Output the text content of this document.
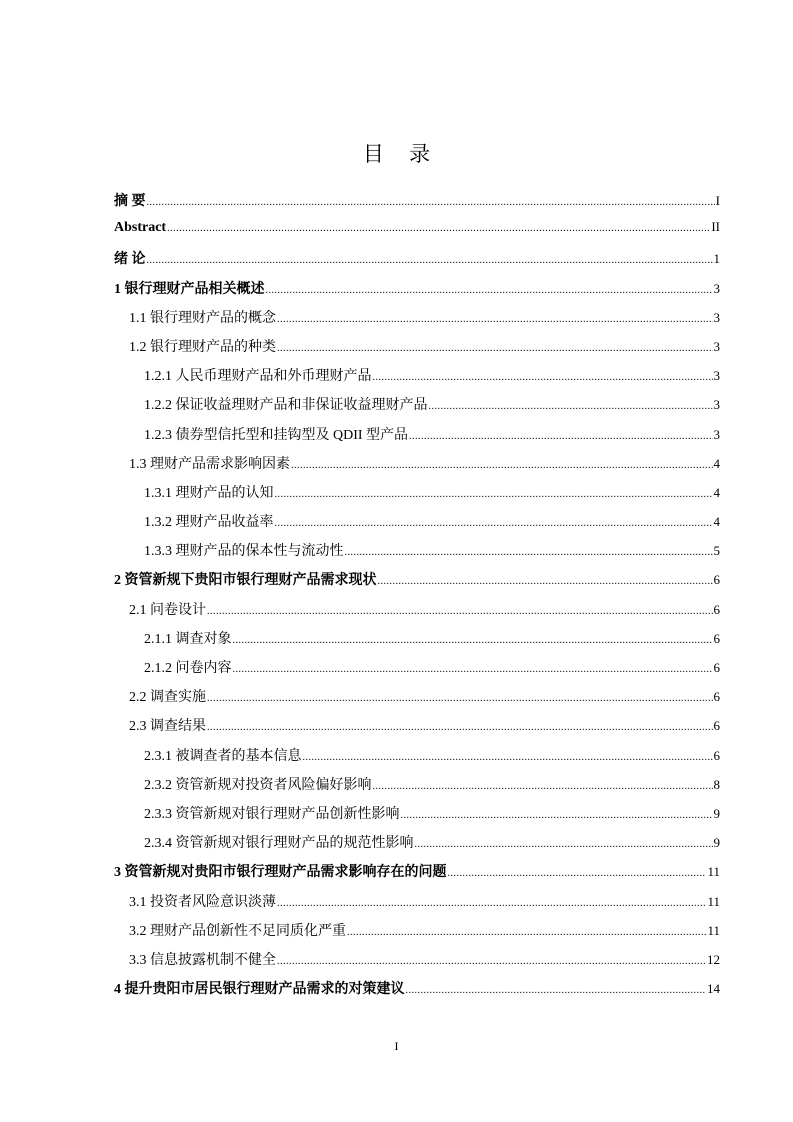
目 录
摘 要 .....	I
Abstract .....	II
绪 论 .....	1
1 银行理财产品相关概述 .....	3
1.1 银行理财产品的概念 .....	3
1.2 银行理财产品的种类 .....	3
1.2.1 人民币理财产品和外币理财产品 .....	3
1.2.2 保证收益理财产品和非保证收益理财产品 .....	3
1.2.3 债券型信托型和挂钩型及 QDII 型产品 .....	3
1.3 理财产品需求影响因素 .....	4
1.3.1 理财产品的认知 .....	4
1.3.2 理财产品收益率 .....	4
1.3.3 理财产品的保本性与流动性 .....	5
2 资管新规下贵阳市银行理财产品需求现状 .....	6
2.1 问卷设计 .....	6
2.1.1 调查对象 .....	6
2.1.2 问卷内容 .....	6
2.2 调查实施 .....	6
2.3 调查结果 .....	6
2.3.1 被调查者的基本信息 .....	6
2.3.2 资管新规对投资者风险偏好影响 .....	8
2.3.3 资管新规对银行理财产品创新性影响 .....	9
2.3.4 资管新规对银行理财产品的规范性影响 .....	9
3 资管新规对贵阳市银行理财产品需求影响存在的问题 .....	11
3.1 投资者风险意识淡薄 .....	11
3.2 理财产品创新性不足同质化严重 .....	11
3.3 信息披露机制不健全 .....	12
4 提升贵阳市居民银行理财产品需求的对策建议 .....	14
I
